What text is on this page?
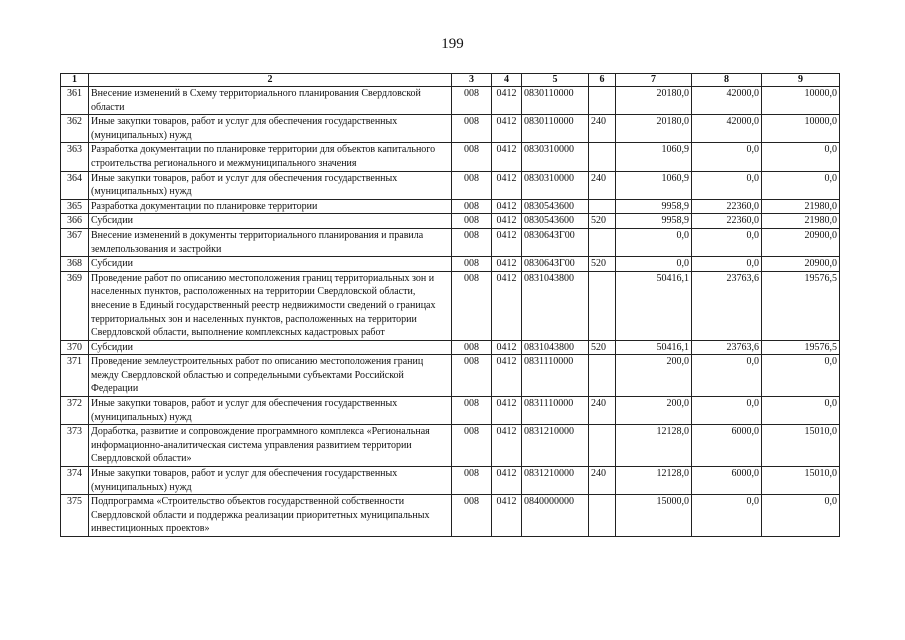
199
1	2	3	4	5	6	7	8	9
361	Внесение изменений в Схему территориального планирования Свердловской области	008	0412	0830110000		20180,0	42000,0	10000,0
362	Иные закупки товаров, работ и услуг для обеспечения государственных (муниципальных) нужд	008	0412	0830110000	240	20180,0	42000,0	10000,0
363	Разработка документации по планировке территории для объектов капитального строительства регионального и межмуниципального значения	008	0412	0830310000		1060,9	0,0	0,0
364	Иные закупки товаров, работ и услуг для обеспечения государственных (муниципальных) нужд	008	0412	0830310000	240	1060,9	0,0	0,0
365	Разработка документации по планировке территории	008	0412	0830543600		9958,9	22360,0	21980,0
366	Субсидии	008	0412	0830543600	520	9958,9	22360,0	21980,0
367	Внесение изменений в документы территориального планирования и правила землепользования и застройки	008	0412	083064ЗГ00		0,0	0,0	20900,0
368	Субсидии	008	0412	083064ЗГ00	520	0,0	0,0	20900,0
369	Проведение работ по описанию местоположения границ территориальных зон и населенных пунктов, расположенных на территории Свердловской области, внесение в Единый государственный реестр недвижимости сведений о границах территориальных зон и населенных пунктов, расположенных на территории Свердловской области, выполнение комплексных кадастровых работ	008	0412	0831043800		50416,1	23763,6	19576,5
370	Субсидии	008	0412	0831043800	520	50416,1	23763,6	19576,5
371	Проведение землеустроительных работ по описанию местоположения границ между Свердловской областью и сопредельными субъектами Российской Федерации	008	0412	0831110000		200,0	0,0	0,0
372	Иные закупки товаров, работ и услуг для обеспечения государственных (муниципальных) нужд	008	0412	0831110000	240	200,0	0,0	0,0
373	Доработка, развитие и сопровождение программного комплекса «Региональная информационно-аналитическая система управления развитием территории Свердловской области»	008	0412	0831210000		12128,0	6000,0	15010,0
374	Иные закупки товаров, работ и услуг для обеспечения государственных (муниципальных) нужд	008	0412	0831210000	240	12128,0	6000,0	15010,0
375	Подпрограмма «Строительство объектов государственной собственности Свердловской области и поддержка реализации приоритетных муниципальных инвестиционных проектов»	008	0412	0840000000		15000,0	0,0	0,0
